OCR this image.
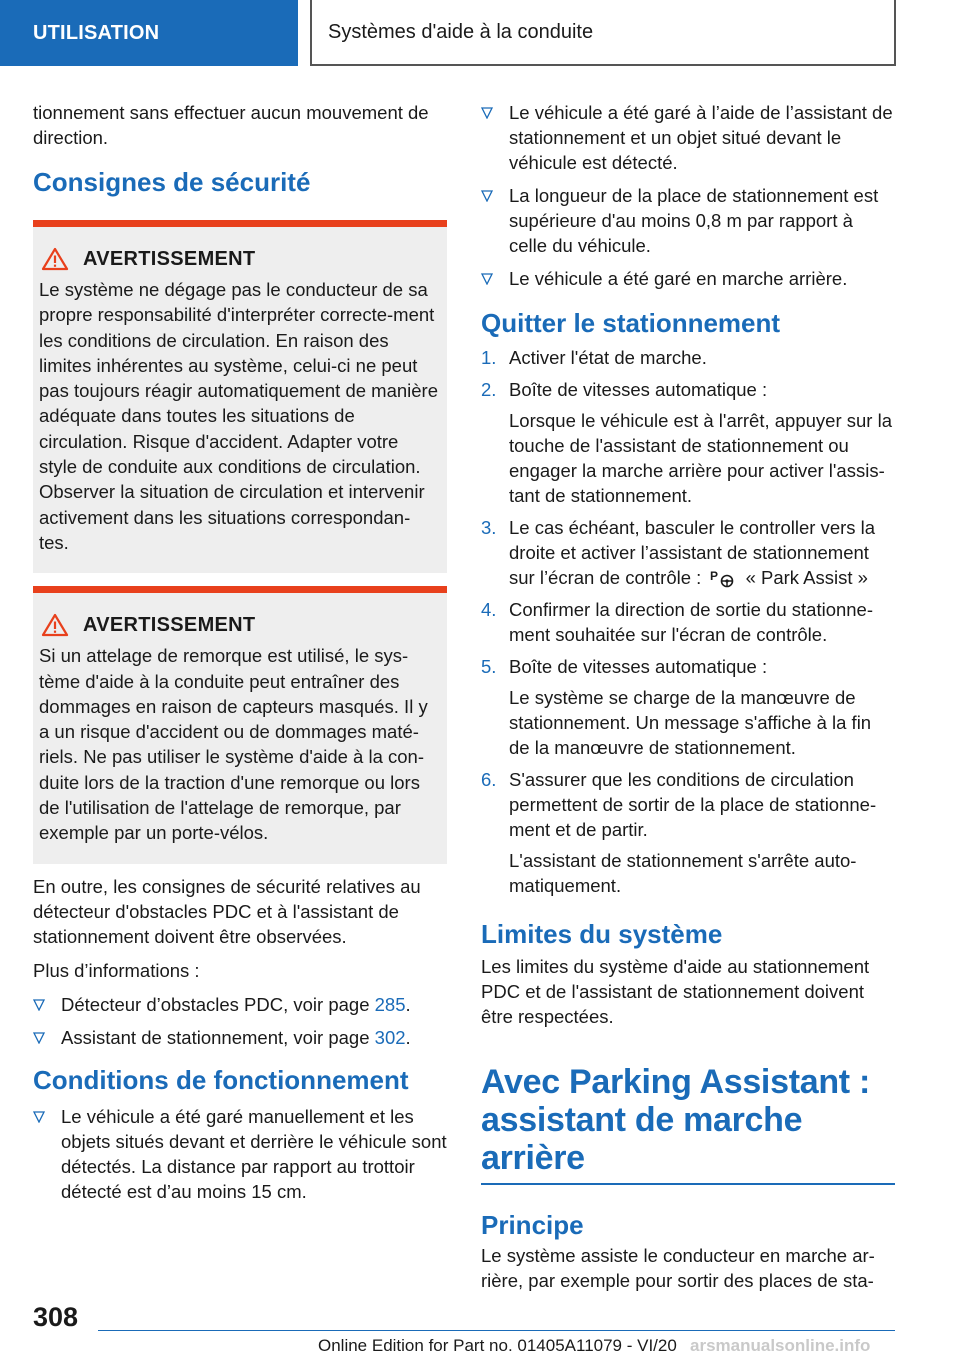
UTILISATION	Systèmes d'aide à la conduite

tionnement sans effectuer aucun mouvement de direction.

Consignes de sécurité
AVERTISSEMENT

Le système ne dégage pas le conducteur de sa propre responsabilité d'interpréter correcte-ment les conditions de circulation. En raison des limites inhérentes au système, celui-ci ne peut pas toujours réagir automatiquement de manière adéquate dans toutes les situations de circulation. Risque d'accident. Adapter votre style de conduite aux conditions de circulation. Observer la situation de circulation et intervenir activement dans les situations correspondan-tes.

AVERTISSEMENT

Si un attelage de remorque est utilisé, le sys-tème d'aide à la conduite peut entraîner des dommages en raison de capteurs masqués. Il y a un risque d'accident ou de dommages maté-riels. Ne pas utiliser le système d'aide à la con-duite lors de la traction d'une remorque ou lors de l'utilisation de l'attelage de remorque, par exemple par un porte-vélos.

En outre, les consignes de sécurité relatives au détecteur d'obstacles PDC et à l'assistant de stationnement doivent être observées.

Plus d’informations :

Détecteur d’obstacles PDC, voir page 285.
Assistant de stationnement, voir page 302.
Conditions de fonctionnement
Le véhicule a été garé manuellement et les objets situés devant et derrière le véhicule sont détectés. La distance par rapport au trottoir détecté est d’au moins 15 cm.
Le véhicule a été garé à l’aide de l’assistant de stationnement et un objet situé devant le véhicule est détecté.
La longueur de la place de stationnement est supérieure d'au moins 0,8 m par rapport à celle du véhicule.
Le véhicule a été garé en marche arrière.
Quitter le stationnement
1. Activer l'état de marche.
2. Boîte de vitesses automatique :
Lorsque le véhicule est à l'arrêt, appuyer sur la touche de l'assistant de stationnement ou engager la marche arrière pour activer l'assis-tant de stationnement.
3. Le cas échéant, basculer le controller vers la droite et activer l’assistant de stationnement sur l’écran de contrôle : P « Park Assist »
4. Confirmer la direction de sortie du stationne-ment souhaitée sur l'écran de contrôle.
5. Boîte de vitesses automatique :
Le système se charge de la manœuvre de stationnement. Un message s'affiche à la fin de la manœuvre de stationnement.
6. S'assurer que les conditions de circulation permettent de sortir de la place de stationne-ment et de partir.
L'assistant de stationnement s'arrête auto-matiquement.
Limites du système

Les limites du système d'aide au stationnement PDC et de l'assistant de stationnement doivent être respectées.

Avec Parking Assistant : assistant de marche arrière
Principe

Le système assiste le conducteur en marche ar-rière, par exemple pour sortir des places de sta-

308
Online Edition for Part no. 01405A11079 - VI/20 arsmanualsonline.info
